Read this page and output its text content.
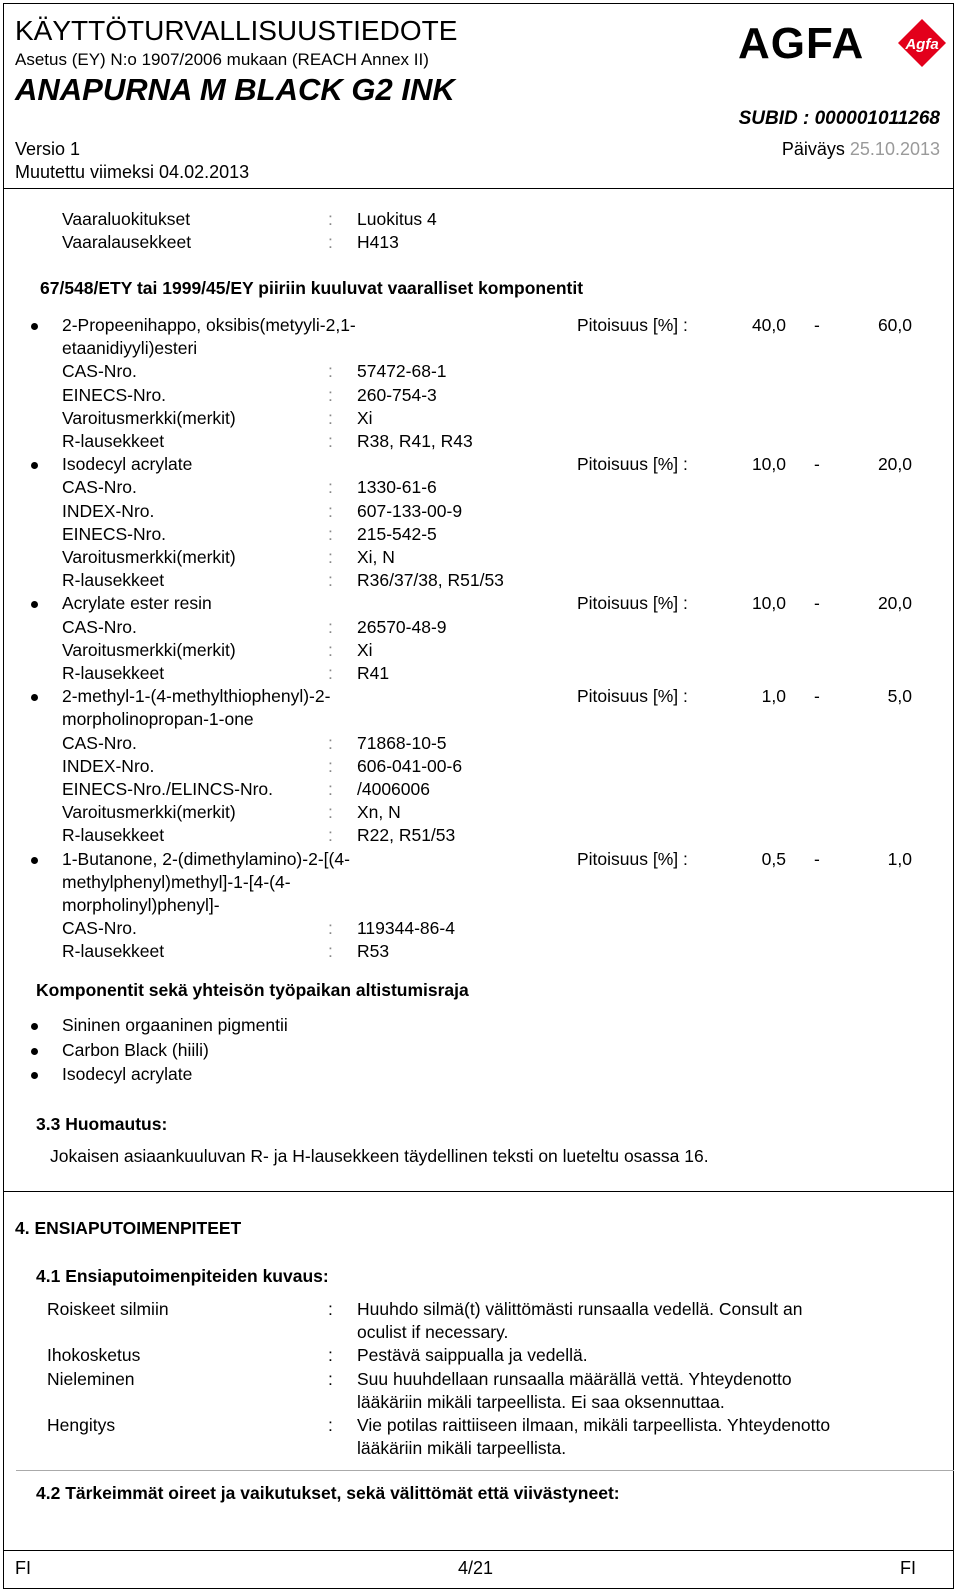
KÄYTTÖTURVALLISUUSTIEDOTE
Asetus (EY) N:o 1907/2006 mukaan (REACH Annex II)
ANAPURNA M BLACK G2 INK
AGFA	Agfa
SUBID : 000001011268
Versio 1	Päiväys 25.10.2013
Muutettu viimeksi 04.02.2013
Vaaraluokitukset	: Luokitus 4
Vaaralausekkeet	: H413
67/548/ETY tai 1999/45/EY piiriin kuuluvat vaaralliset komponentit
2-Propeenihappo, oksibis(metyyli-2,1-
etaanidiyyli)esteri
Pitoisuus [%] :	40,0 -	60,0
CAS-Nro.	: 57472-68-1
EINECS-Nro.	: 260-754-3
Varoitusmerkki(merkit)	: Xi
R-lausekkeet	: R38, R41, R43
Isodecyl acrylate	Pitoisuus [%] :	10,0 -	20,0
CAS-Nro.	: 1330-61-6
INDEX-Nro.	: 607-133-00-9
EINECS-Nro.	: 215-542-5
Varoitusmerkki(merkit)	: Xi, N
R-lausekkeet	: R36/37/38, R51/53
Acrylate ester resin	Pitoisuus [%] :	10,0 -	20,0
CAS-Nro.	: 26570-48-9
Varoitusmerkki(merkit)	: Xi
R-lausekkeet	: R41
2-methyl-1-(4-methylthiophenyl)-2-
morpholinopropan-1-one
Pitoisuus [%] :	1,0 -	5,0
CAS-Nro.	: 71868-10-5
INDEX-Nro.	: 606-041-00-6
EINECS-Nro./ELINCS-Nro.	: /4006006
Varoitusmerkki(merkit)	: Xn, N
R-lausekkeet	: R22, R51/53
1-Butanone, 2-(dimethylamino)-2-[(4-
methylphenyl)methyl]-1-[4-(4-
morpholinyl)phenyl]-
Pitoisuus [%] :	0,5 -	1,0
CAS-Nro.	: 119344-86-4
R-lausekkeet	: R53
Komponentit sekä yhteisön työpaikan altistumisraja
Sininen orgaaninen pigmentii
Carbon Black (hiili)
Isodecyl acrylate
3.3 Huomautus:
Jokaisen asiaankuuluvan R- ja H-lausekkeen täydellinen teksti on lueteltu osassa 16.
4. ENSIAPUTOIMENPITEET
4.1 Ensiaputoimenpiteiden kuvaus:
Roiskeet silmiin	: Huuhdo silmä(t) välittömästi runsaalla vedellä. Consult an
oculist if necessary.
Ihokosketus	: Pestävä saippualla ja vedellä.
Nieleminen	: Suu huuhdellaan runsaalla määrällä vettä. Yhteydenotto
lääkäriin mikäli tarpeellista. Ei saa oksennuttaa.
Hengitys	: Vie potilas raittiiseen ilmaan, mikäli tarpeellista. Yhteydenotto
lääkäriin mikäli tarpeellista.
4.2 Tärkeimmät oireet ja vaikutukset, sekä välittömät että viivästyneet:
FI	4/21	FI
